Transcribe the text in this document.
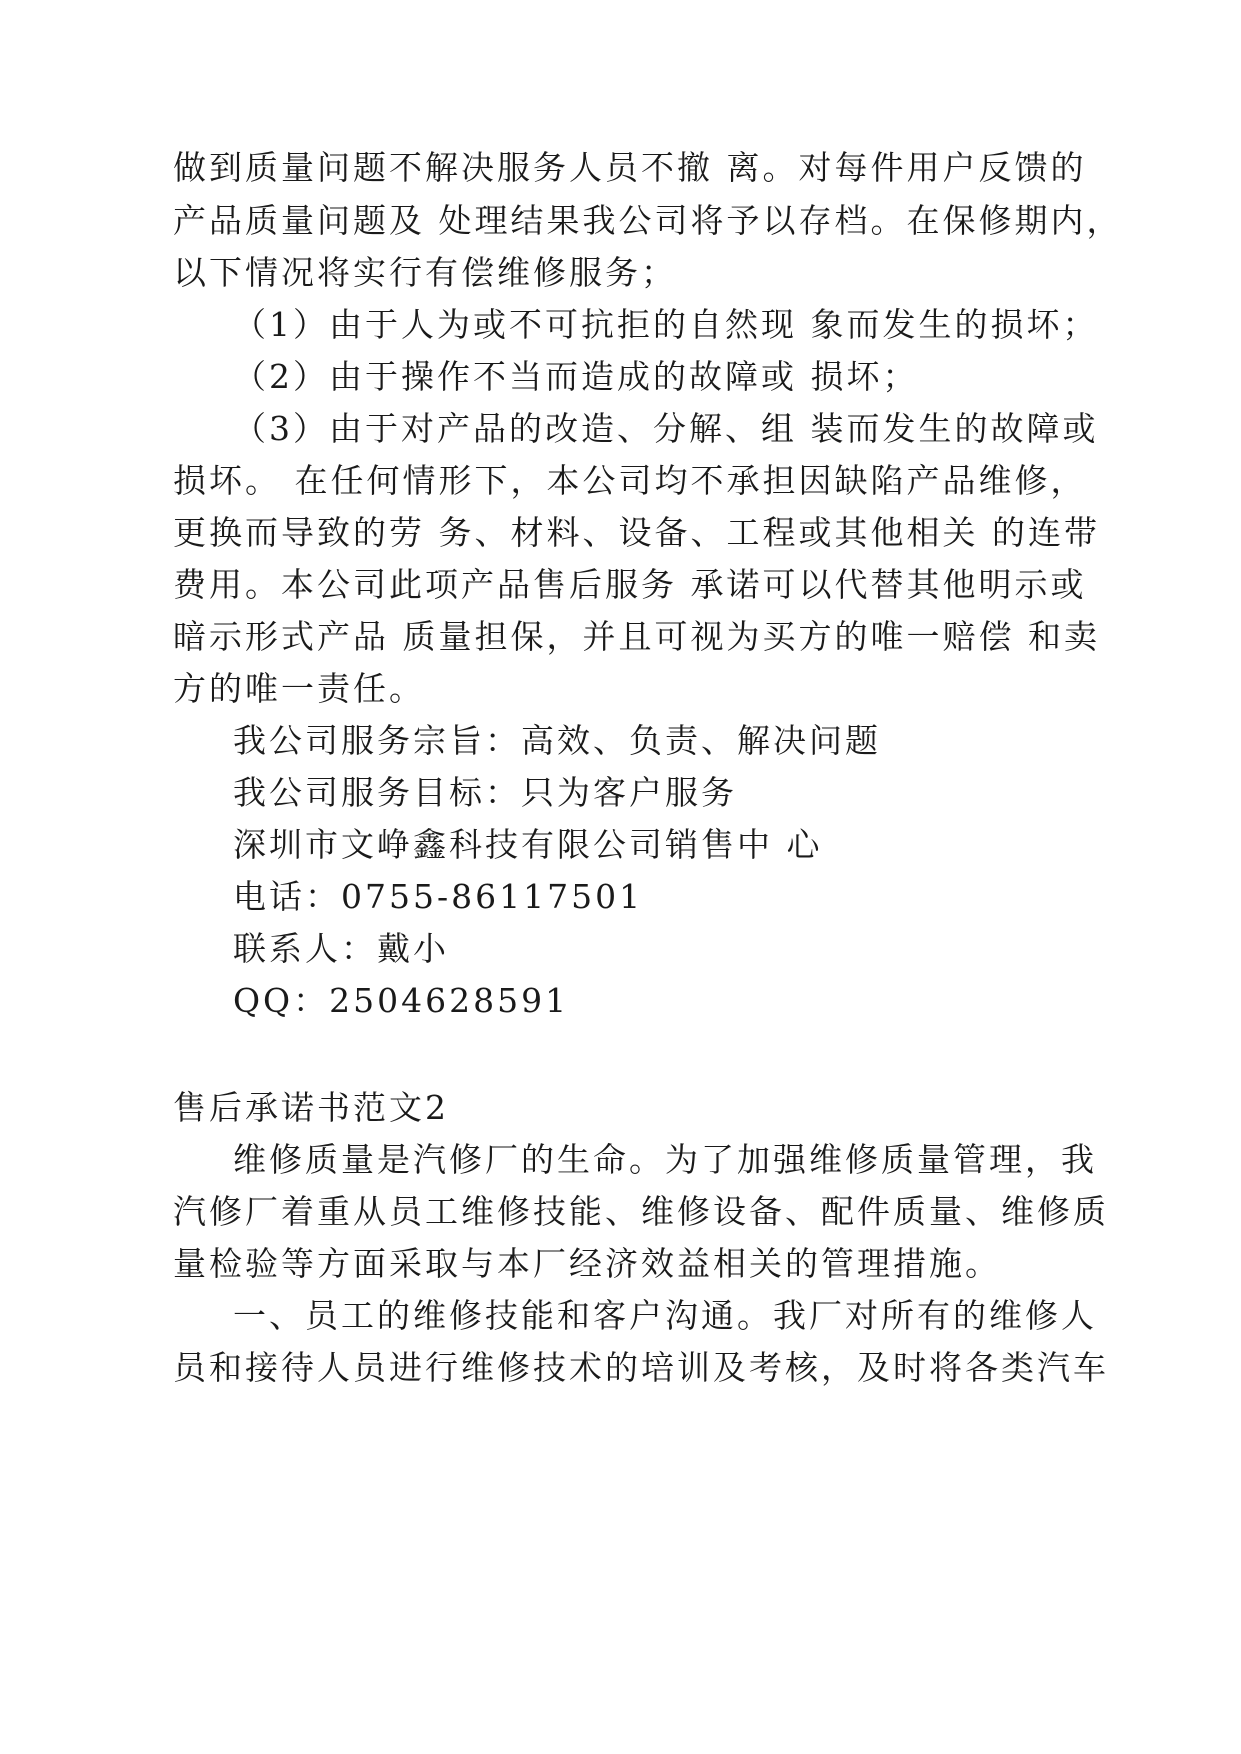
做到质量问题不解决服务人员不撤 离。对每件用户反馈的
产品质量问题及 处理结果我公司将予以存档。在保修期内，
以下情况将实行有偿维修服务；
（1）由于人为或不可抗拒的自然现 象而发生的损坏；
（2）由于操作不当而造成的故障或 损坏；
（3）由于对产品的改造、分解、组 装而发生的故障或
损坏。 在任何情形下，本公司均不承担因缺陷产品维修，
更换而导致的劳 务、材料、设备、工程或其他相关 的连带
费用。本公司此项产品售后服务 承诺可以代替其他明示或
暗示形式产品 质量担保，并且可视为买方的唯一赔偿 和卖
方的唯一责任。
我公司服务宗旨：高效、负责、解决问题
我公司服务目标：只为客户服务
深圳市文峥鑫科技有限公司销售中 心
电话：0755-86117501
联系人：戴小
QQ：2504628591
售后承诺书范文2
维修质量是汽修厂的生命。为了加强维修质量管理，我
汽修厂着重从员工维修技能、维修设备、配件质量、维修质
量检验等方面采取与本厂经济效益相关的管理措施。
一、员工的维修技能和客户沟通。我厂对所有的维修人
员和接待人员进行维修技术的培训及考核，及时将各类汽车
